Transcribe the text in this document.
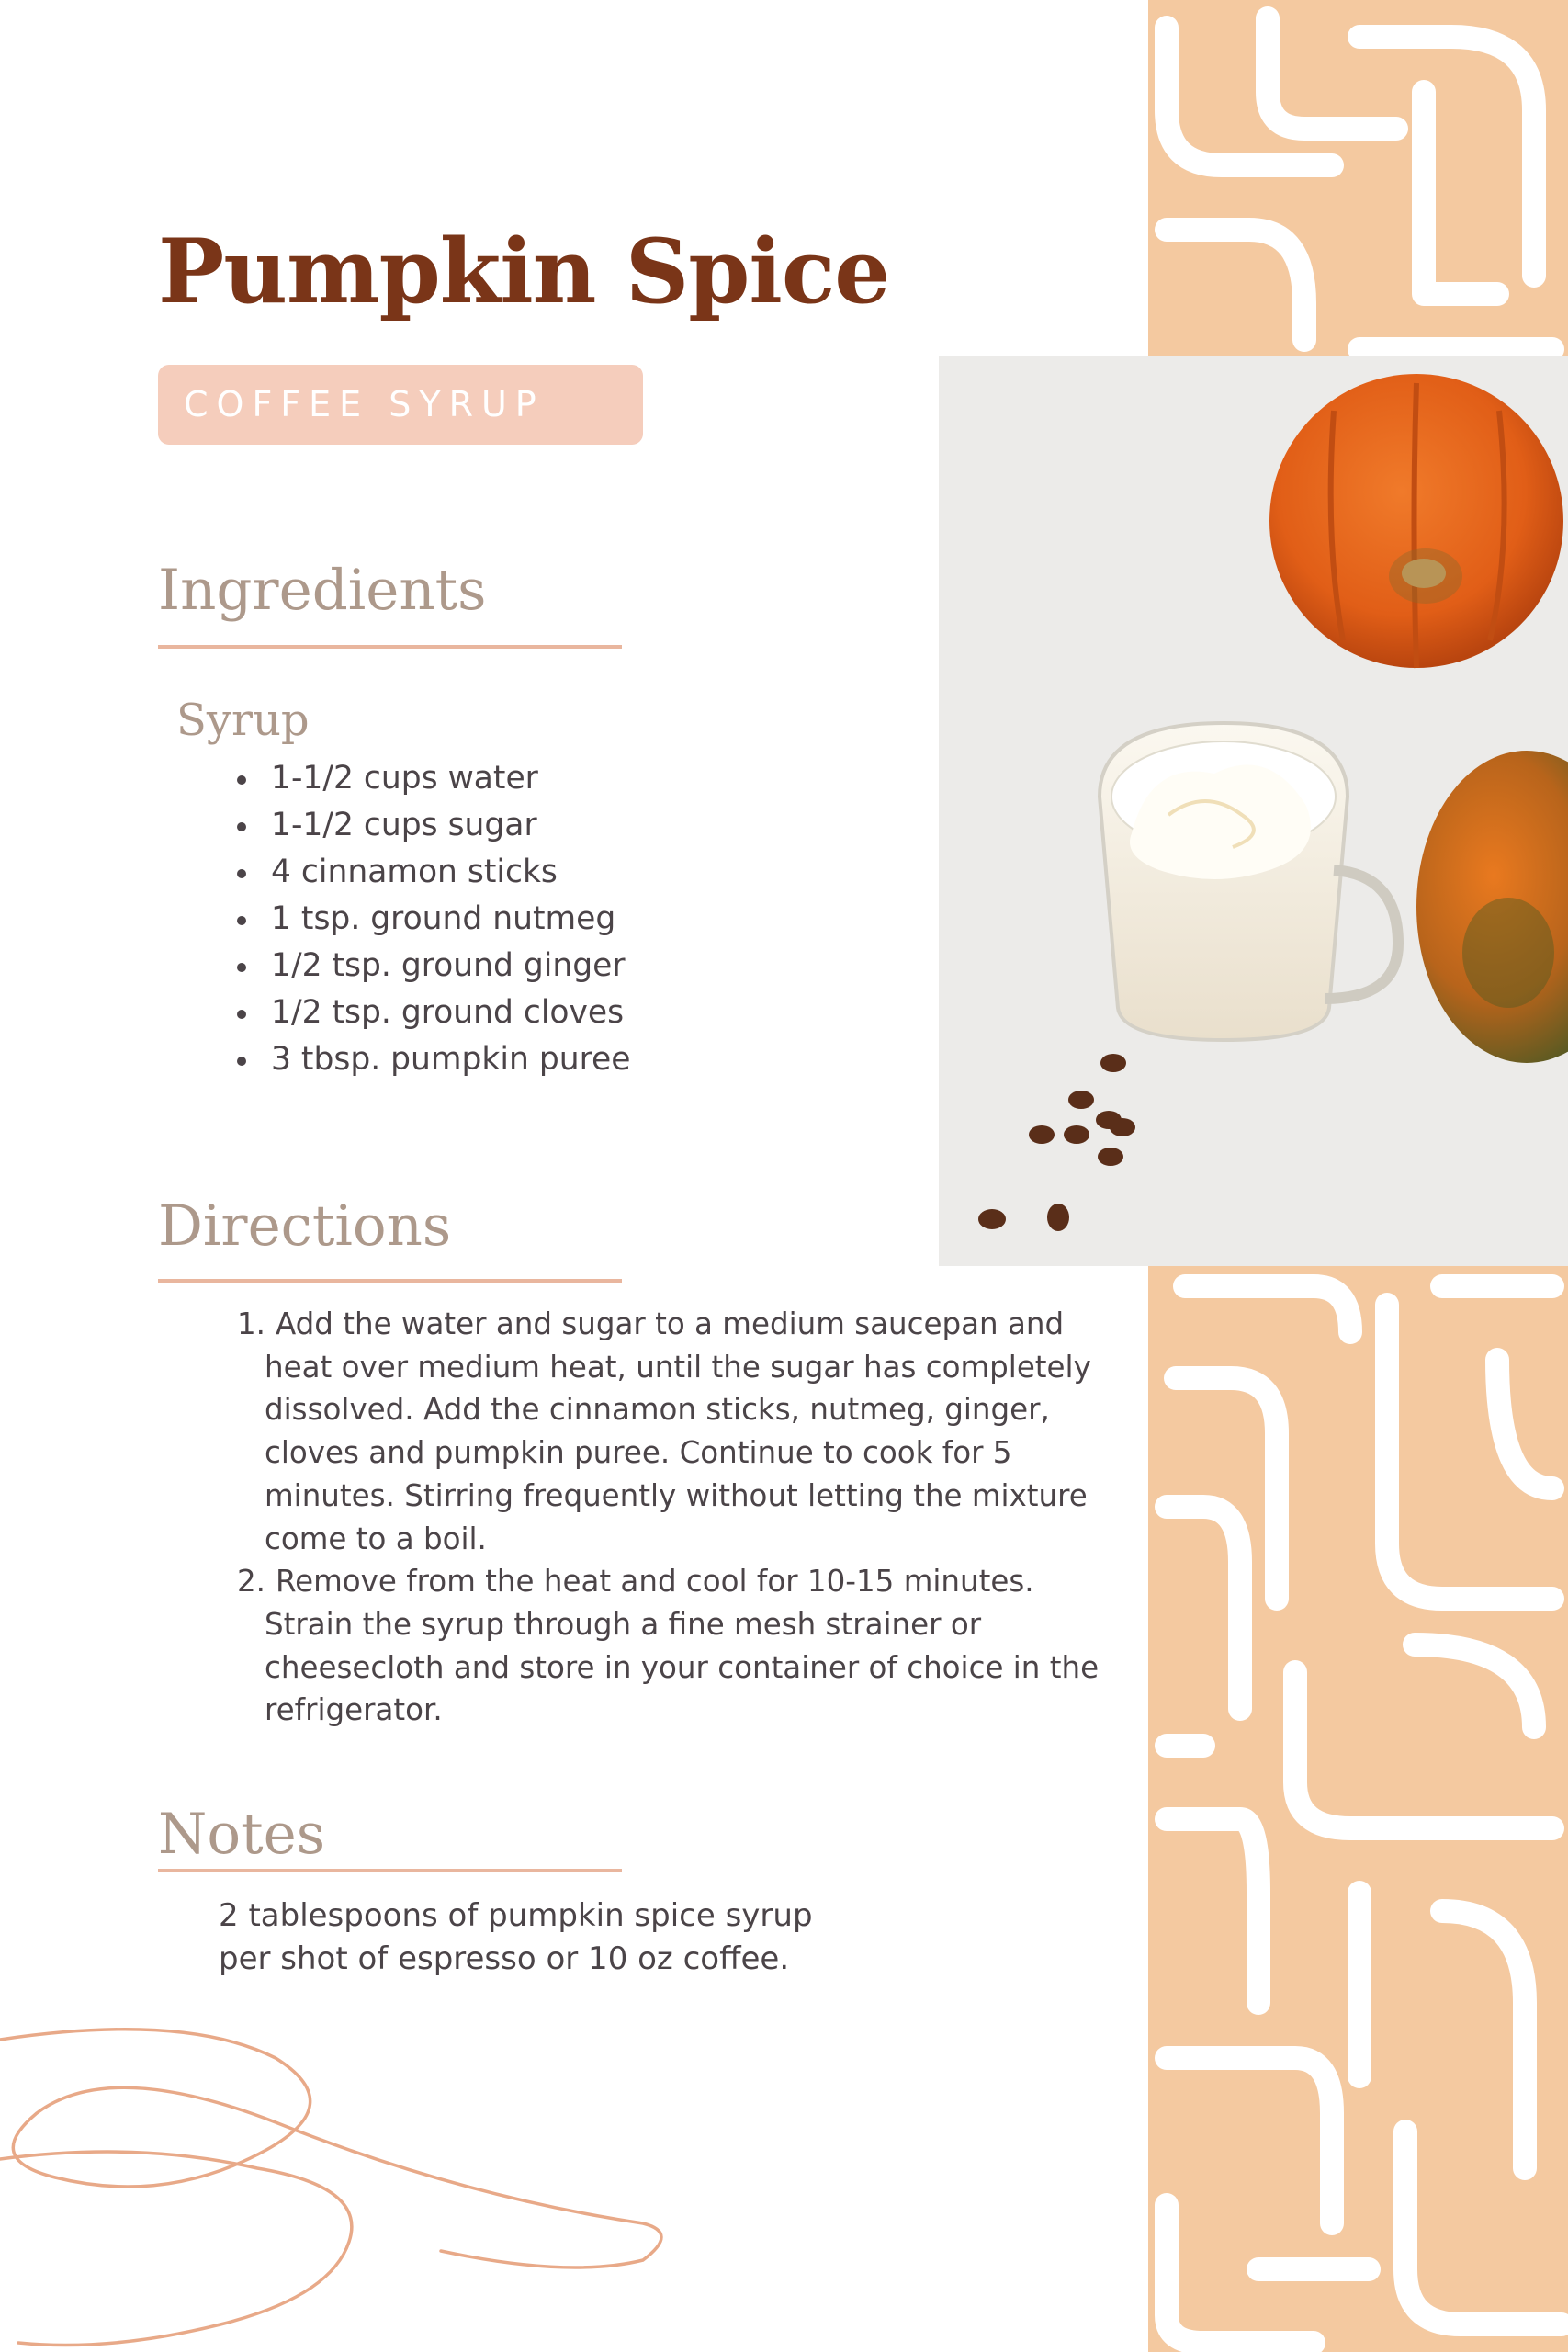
Pumpkin Spice
COFFEE SYRUP
Ingredients
Syrup
1-1/2 cups water
1-1/2 cups sugar
4 cinnamon sticks
1 tsp. ground nutmeg
1/2 tsp. ground ginger
1/2 tsp. ground cloves
3 tbsp. pumpkin puree
Directions
1. Add the water and sugar to a medium saucepan and heat over medium heat, until the sugar has completely dissolved. Add the cinnamon sticks, nutmeg, ginger, cloves and pumpkin puree. Continue to cook for 5 minutes. Stirring frequently without letting the mixture come to a boil.
2. Remove from the heat and cool for 10-15 minutes. Strain the syrup through a fine mesh strainer or cheesecloth and store in your container of choice in the refrigerator.
Notes
2 tablespoons of pumpkin spice syrup per shot of espresso or 10 oz coffee.
